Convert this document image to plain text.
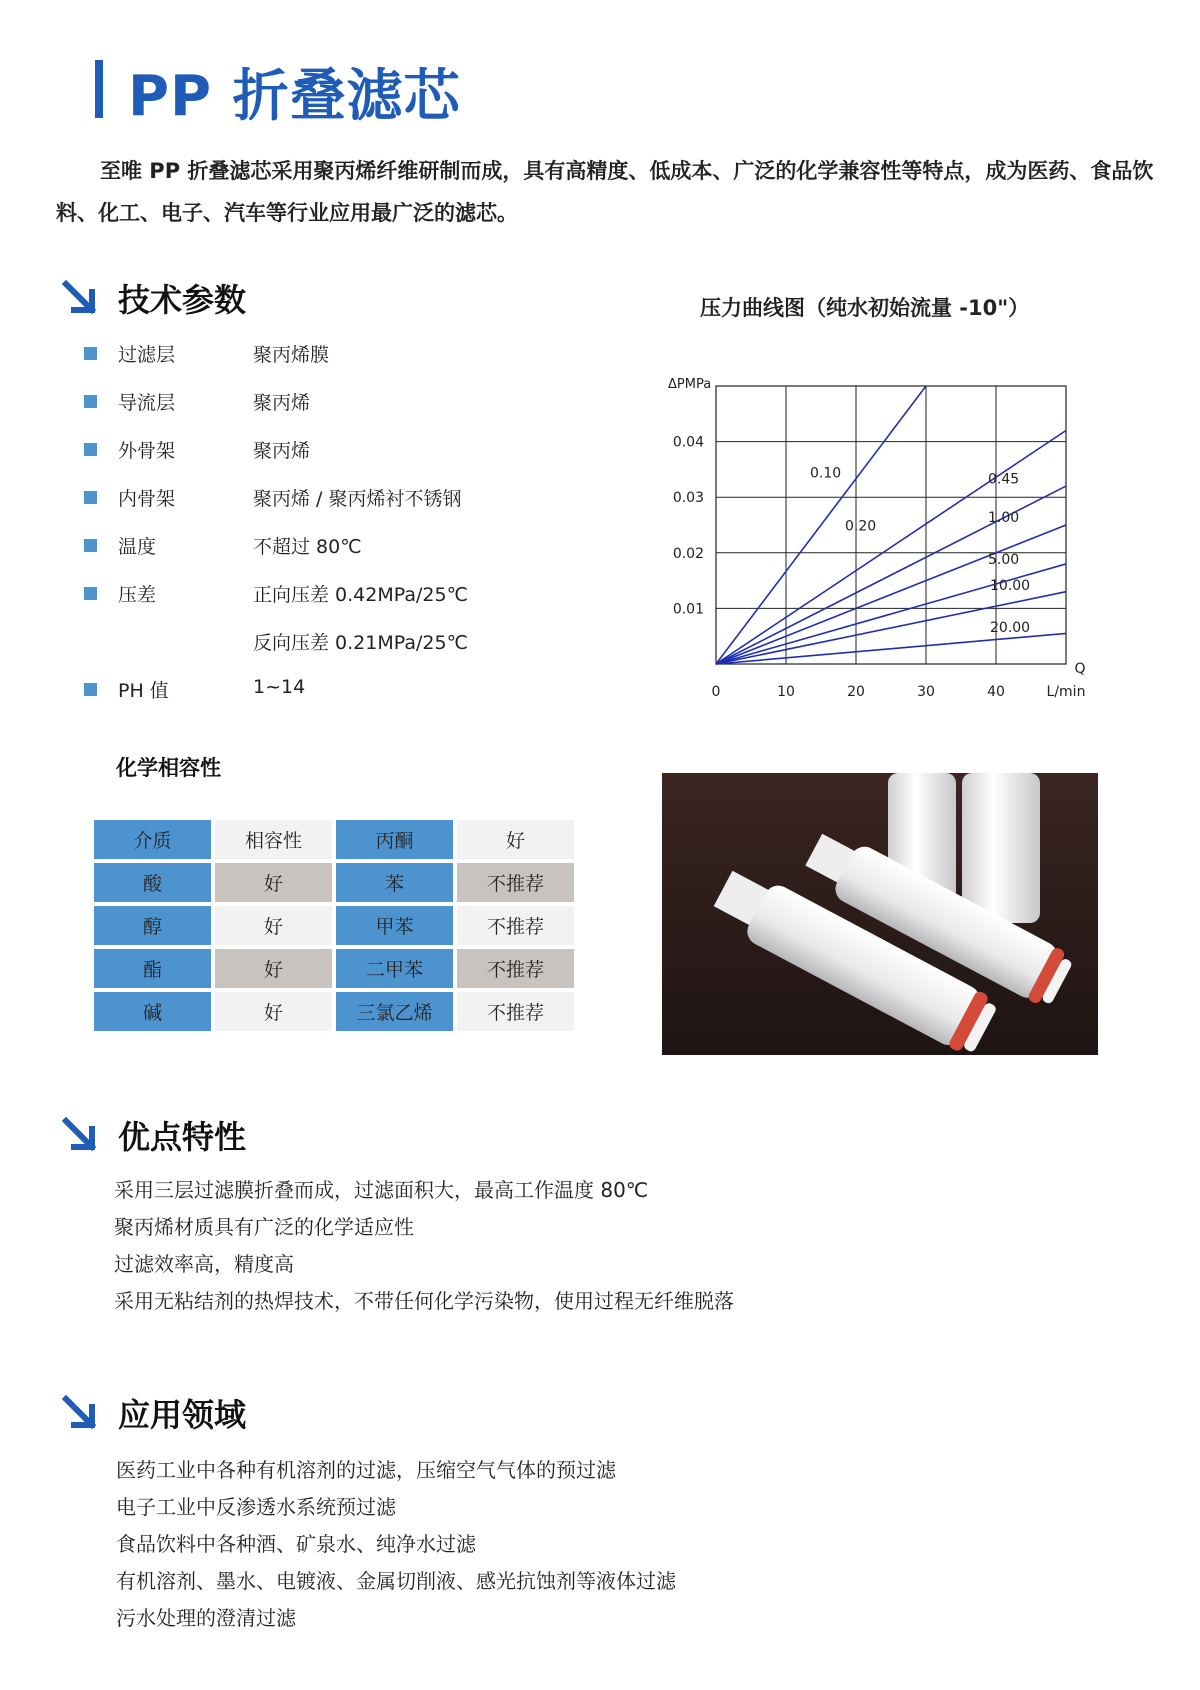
PP 折叠滤芯
至唯 PP 折叠滤芯采用聚丙烯纤维研制而成，具有高精度、低成本、广泛的化学兼容性等特点，成为医药、食品饮料、化工、电子、汽车等行业应用最广泛的滤芯。
技术参数
过滤层	聚丙烯膜
导流层	聚丙烯
外骨架	聚丙烯
内骨架	聚丙烯 / 聚丙烯衬不锈钢
温度	不超过 80℃
压差	正向压差 0.42MPa/25℃
反向压差 0.21MPa/25℃
PH 值	1~14
压力曲线图（纯水初始流量 -10"）
0.01
0.02
0.03
0.04
0	10	20	30	40	L/min
ΔPMPa
Q
0.10
0.20
0.45
1.00
5.00
10.00
20.00
化学相容性
介质	相容性	丙酮	好
酸	好	苯	不推荐
醇	好	甲苯	不推荐
酯	好	二甲苯	不推荐
碱	好	三氯乙烯	不推荐
优点特性
采用三层过滤膜折叠而成，过滤面积大，最高工作温度 80℃
聚丙烯材质具有广泛的化学适应性
过滤效率高，精度高
采用无粘结剂的热焊技术，不带任何化学污染物，使用过程无纤维脱落
应用领域
医药工业中各种有机溶剂的过滤，压缩空气气体的预过滤
电子工业中反渗透水系统预过滤
食品饮料中各种酒、矿泉水、纯净水过滤
有机溶剂、墨水、电镀液、金属切削液、感光抗蚀剂等液体过滤
污水处理的澄清过滤
